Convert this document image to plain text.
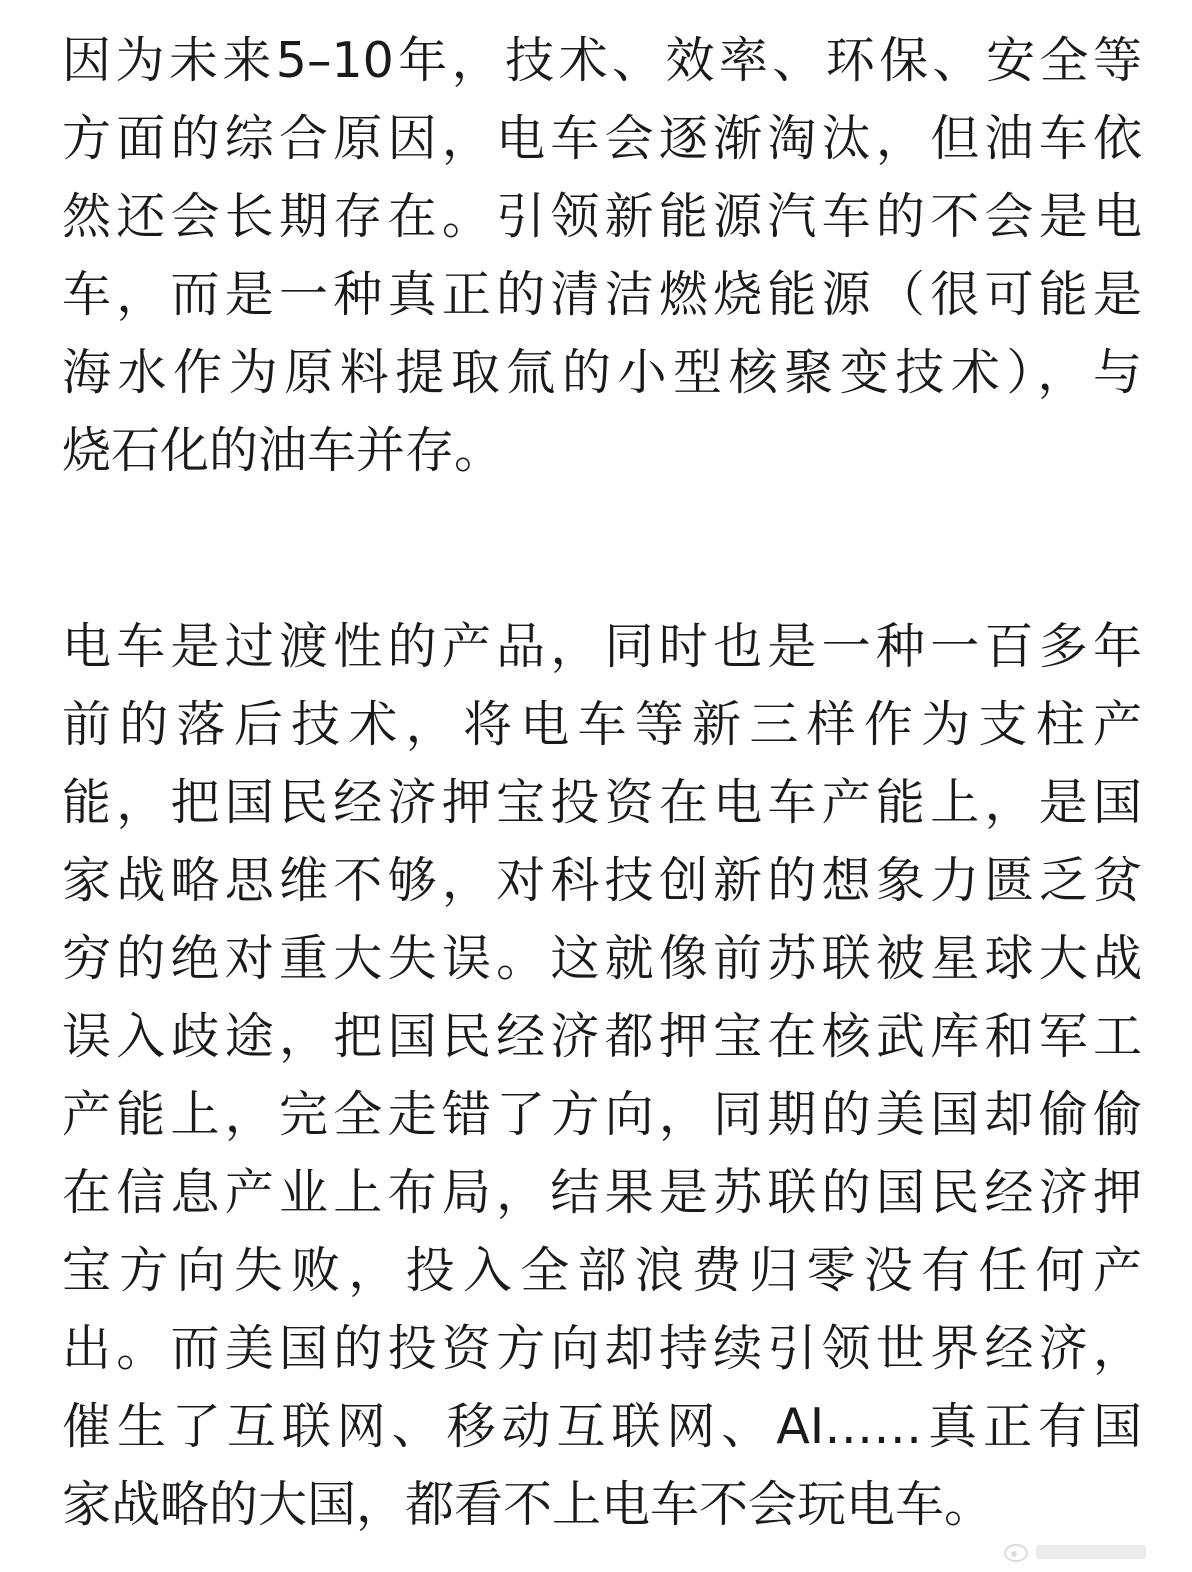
因为未来5–10年，技术、效率、环保、安全等
方面的综合原因，电车会逐渐淘汰，但油车依
然还会长期存在。引领新能源汽车的不会是电
车，而是一种真正的清洁燃烧能源（很可能是
海水作为原料提取氚的小型核聚变技术），与
烧石化的油车并存。
电车是过渡性的产品，同时也是一种一百多年
前的落后技术，将电车等新三样作为支柱产
能，把国民经济押宝投资在电车产能上，是国
家战略思维不够，对科技创新的想象力匮乏贫
穷的绝对重大失误。这就像前苏联被星球大战
误入歧途，把国民经济都押宝在核武库和军工
产能上，完全走错了方向，同期的美国却偷偷
在信息产业上布局，结果是苏联的国民经济押
宝方向失败，投入全部浪费归零没有任何产
出。而美国的投资方向却持续引领世界经济，
催生了互联网、移动互联网、AI……真正有国
家战略的大国，都看不上电车不会玩电车。
